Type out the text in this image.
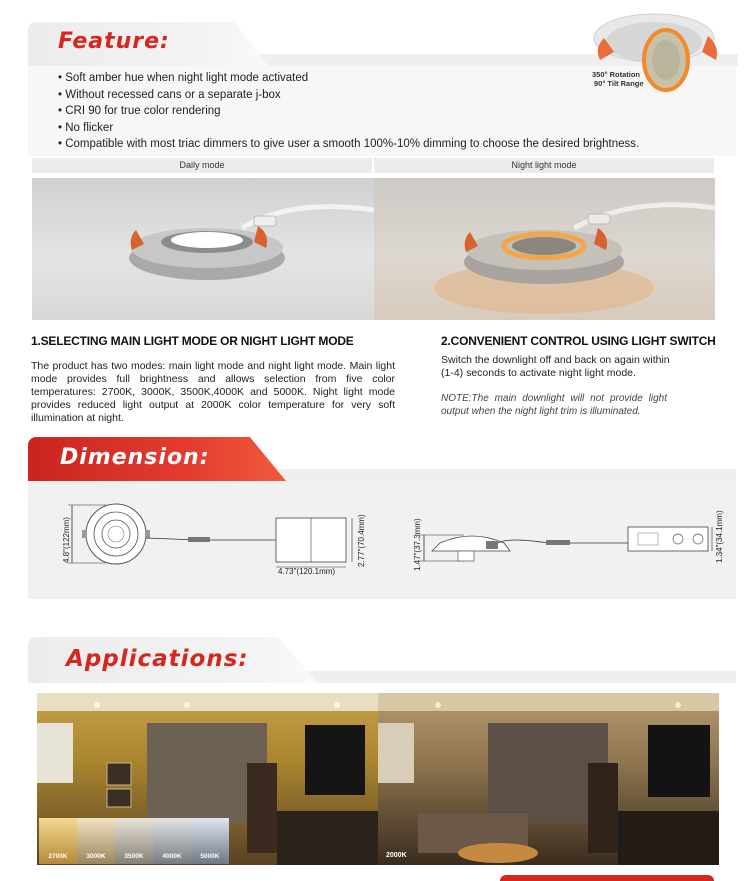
Feature:
350° Rotation
90° Tilt Range
• Soft amber hue when night light mode activated
• Without recessed cans or a separate j-box
• CRI 90 for true color rendering
• No flicker
• Compatible with most triac dimmers to give user a smooth 100%-10% dimming to choose the desired brightness.
Daily mode	Night light mode
1.SELECTING MAIN LIGHT MODE OR NIGHT LIGHT MODE
The product has two modes: main light mode and night light mode. Main light mode provides full brightness and allows selection from five color temperatures: 2700K, 3000K, 3500K,4000K and 5000K. Night light mode provides reduced light output at 2000K color temperature for very soft illumination at night.
2.CONVENIENT CONTROL USING LIGHT SWITCH
Switch the downlight off and back on again within (1-4) seconds to activate night light mode.
NOTE:The main downlight will not provide light output when the night light trim is illuminated.
Dimension:
4.8"(122mm)
4.73"(120.1mm)
2.77"(70.4mm)	1.47"(37.3mm)	1.34"(34.1mm)
Applications:
2700K	3000K	3500K	4000K	5000K	2000K
